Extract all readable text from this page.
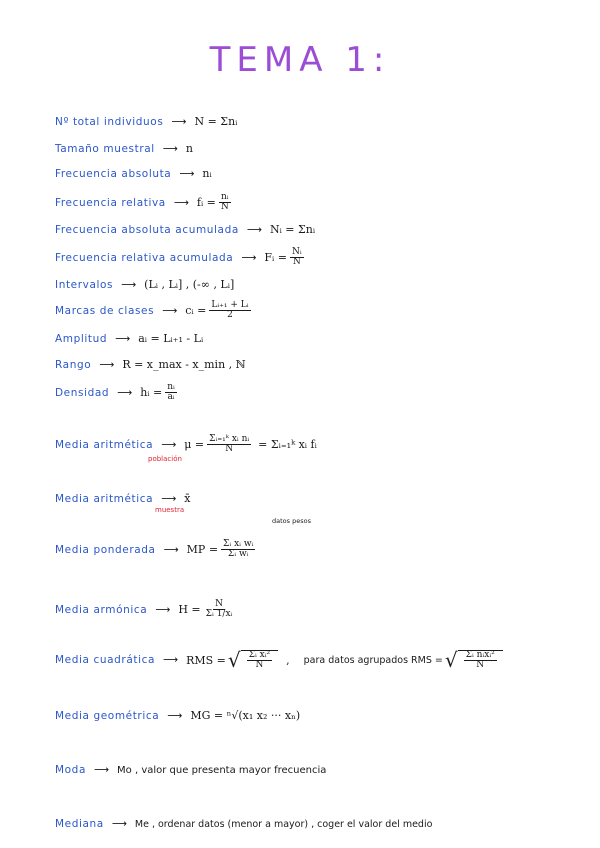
TEMA 1:
Nº total individuos ⟶ N = Σnᵢ
Tamaño muestral ⟶ n
Frecuencia absoluta ⟶ nᵢ
Frecuencia relativa ⟶ fᵢ = $\frac{\text{nᵢ}}{N}$
Frecuencia absoluta acumulada ⟶ Nᵢ = Σnᵢ
Frecuencia relativa acumulada ⟶ Fᵢ = $\frac{\text{Nᵢ}}{N}$
Intervalos ⟶ (Lᵢ , Lᵢ] , (-∞ , Lᵢ]
Marcas de clases ⟶ cᵢ = $\frac{\text{Lᵢ₊₁ + Lᵢ}}{2}$
Amplitud ⟶ aᵢ = Lᵢ₊₁ - Lᵢ
Rango ⟶ R = x_max - x_min , ℕ
Densidad ⟶ hᵢ = $\frac{\text{nᵢ}}{\text{aᵢ}}$
Media aritmética ⟶ $\mu = \frac{\text{Σᵢ₌₁ᵏ xᵢ nᵢ}}{N}$ = Σᵢ₌₁ᵏ xᵢ fᵢ
población
Media aritmética ⟶ x̄
muestra
datos pesos
Media ponderada ⟶ MP = $\frac{\text{Σᵢ xᵢ wᵢ}}{\text{Σᵢ wᵢ}}$
Media armónica ⟶ $H = \frac{N}{\text{Σᵢ 1/xᵢ}}$
Media cuadrática ⟶ RMS = √ $\frac{\text{Σᵢ xᵢ²}}{N}$ , para datos agrupados RMS = √ $\frac{\text{Σᵢ nᵢxᵢ²}}{N}$
Media geométrica ⟶ MG = ⁿ√(x₁ x₂ ··· xₙ)
Moda ⟶ Mo , valor que presenta mayor frecuencia
Mediana ⟶ Me , ordenar datos (menor a mayor) , coger el valor del medio
